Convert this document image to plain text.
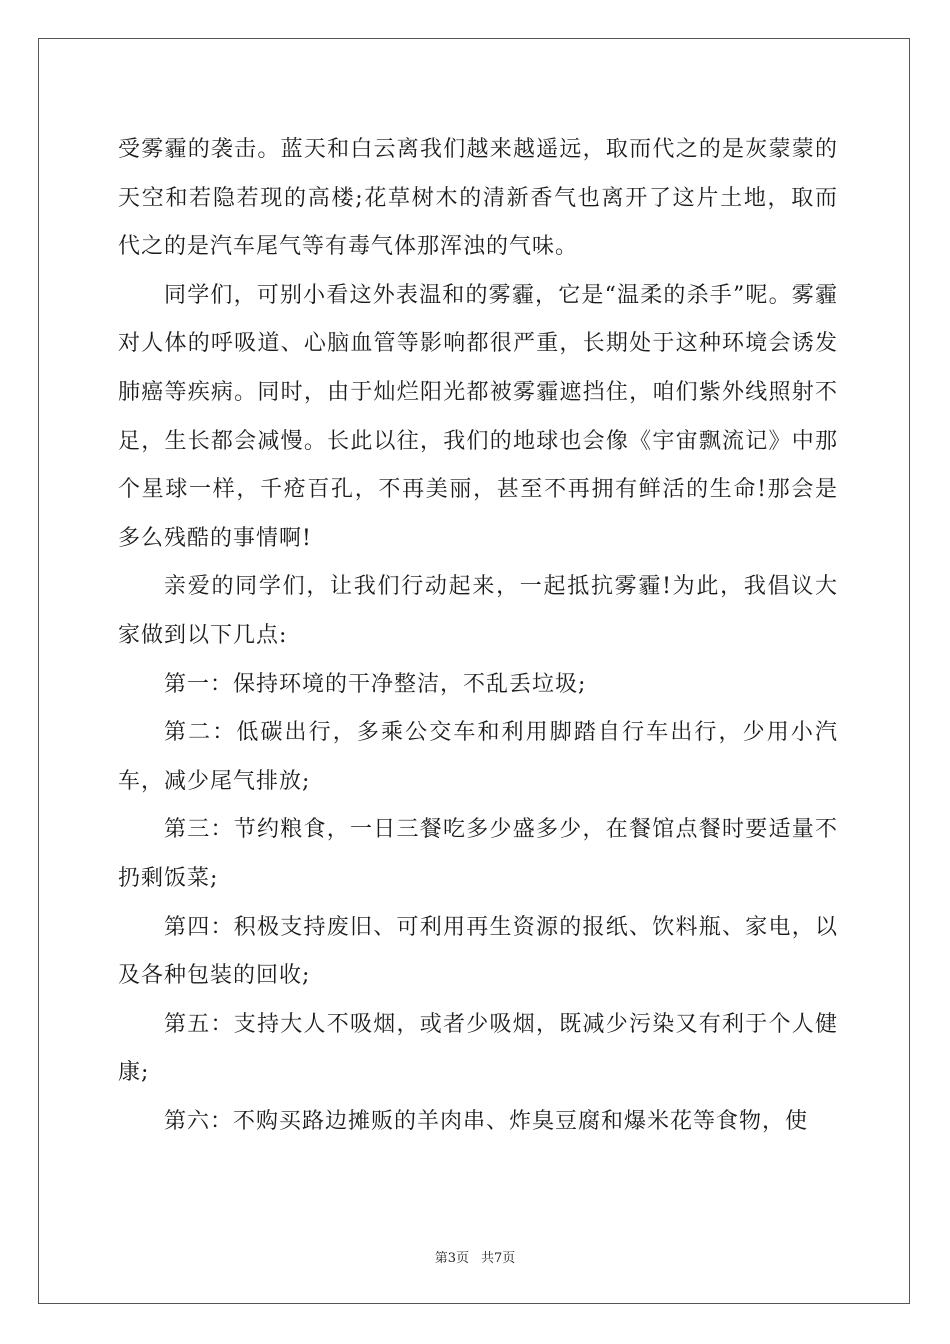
受雾霾的袭击。蓝天和白云离我们越来越遥远，取而代之的是灰蒙蒙的天空和若隐若现的高楼;花草树木的清新香气也离开了这片土地，取而代之的是汽车尾气等有毒气体那浑浊的气味。

同学们，可别小看这外表温和的雾霾，它是“温柔的杀手”呢。雾霾对人体的呼吸道、心脑血管等影响都很严重，长期处于这种环境会诱发肺癌等疾病。同时，由于灿烂阳光都被雾霾遮挡住，咱们紫外线照射不足，生长都会减慢。长此以往，我们的地球也会像《宇宙飘流记》中那个星球一样，千疮百孔，不再美丽，甚至不再拥有鲜活的生命!那会是多么残酷的事情啊!

亲爱的同学们，让我们行动起来，一起抵抗雾霾!为此，我倡议大家做到以下几点:

第一：保持环境的干净整洁，不乱丢垃圾;

第二：低碳出行，多乘公交车和利用脚踏自行车出行，少用小汽车，减少尾气排放;

第三：节约粮食，一日三餐吃多少盛多少，在餐馆点餐时要适量不扔剩饭菜;

第四：积极支持废旧、可利用再生资源的报纸、饮料瓶、家电，以及各种包装的回收;

第五：支持大人不吸烟，或者少吸烟，既减少污染又有利于个人健康;

第六：不购买路边摊贩的羊肉串、炸臭豆腐和爆米花等食物，使

第3页 共7页
